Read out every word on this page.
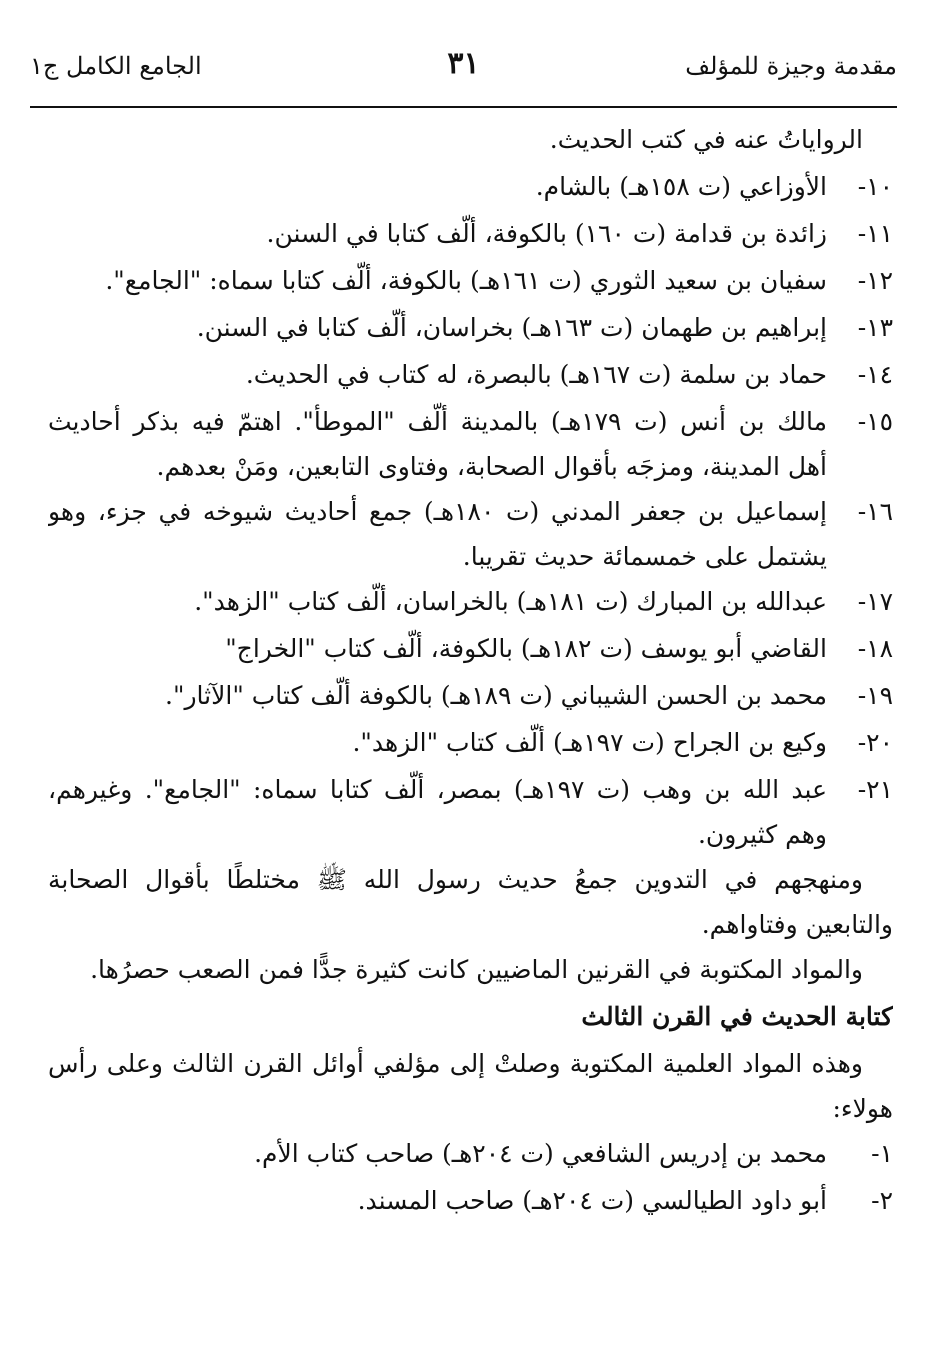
مقدمة وجيزة للمؤلف
٣١
الجامع الكامل ج١
الرواياتُ عنه في كتب الحديث.
١٠-
الأوزاعي (ت ١٥٨هـ) بالشام.
١١-
زائدة بن قدامة (ت ١٦٠) بالكوفة، ألّف كتابا في السنن.
١٢-
سفيان بن سعيد الثوري (ت ١٦١هـ) بالكوفة، ألّف كتابا سماه: "الجامع".
١٣-
إبراهيم بن طهمان (ت ١٦٣هـ) بخراسان، ألّف كتابا في السنن.
١٤-
حماد بن سلمة (ت ١٦٧هـ) بالبصرة، له كتاب في الحديث.
١٥-
مالك بن أنس (ت ١٧٩هـ) بالمدينة ألّف "الموطأ". اهتمّ فيه بذكر أحاديث
أهل المدينة، ومزجَه بأقوال الصحابة، وفتاوى التابعين، ومَنْ بعدهم.
١٦-
إسماعيل بن جعفر المدني (ت ١٨٠هـ) جمع أحاديث شيوخه في جزء، وهو
يشتمل على خمسمائة حديث تقريبا.
١٧-
عبدالله بن المبارك (ت ١٨١هـ) بالخراسان، ألّف كتاب "الزهد".
١٨-
القاضي أبو يوسف (ت ١٨٢هـ) بالكوفة، ألّف كتاب "الخراج"
١٩-
محمد بن الحسن الشيباني (ت ١٨٩هـ) بالكوفة ألّف كتاب "الآثار".
٢٠-
وكيع بن الجراح (ت ١٩٧هـ) ألّف كتاب "الزهد".
٢١-
عبد الله بن وهب (ت ١٩٧هـ) بمصر، ألّف كتابا سماه: "الجامع". وغيرهم،
وهم كثيرون.
ومنهجهم في التدوين جمعُ حديث رسول الله ﷺ مختلطًا بأقوال الصحابة
والتابعين وفتاواهم.
والمواد المكتوبة في القرنين الماضيين كانت كثيرة جدًّا فمن الصعب حصرُها.
كتابة الحديث في القرن الثالث
وهذه المواد العلمية المكتوبة وصلتْ إلى مؤلفي أوائل القرن الثالث وعلى رأس
هولاء:
١-
محمد بن إدريس الشافعي (ت ٢٠٤هـ) صاحب كتاب الأم.
٢-
أبو داود الطيالسي (ت ٢٠٤هـ) صاحب المسند.
